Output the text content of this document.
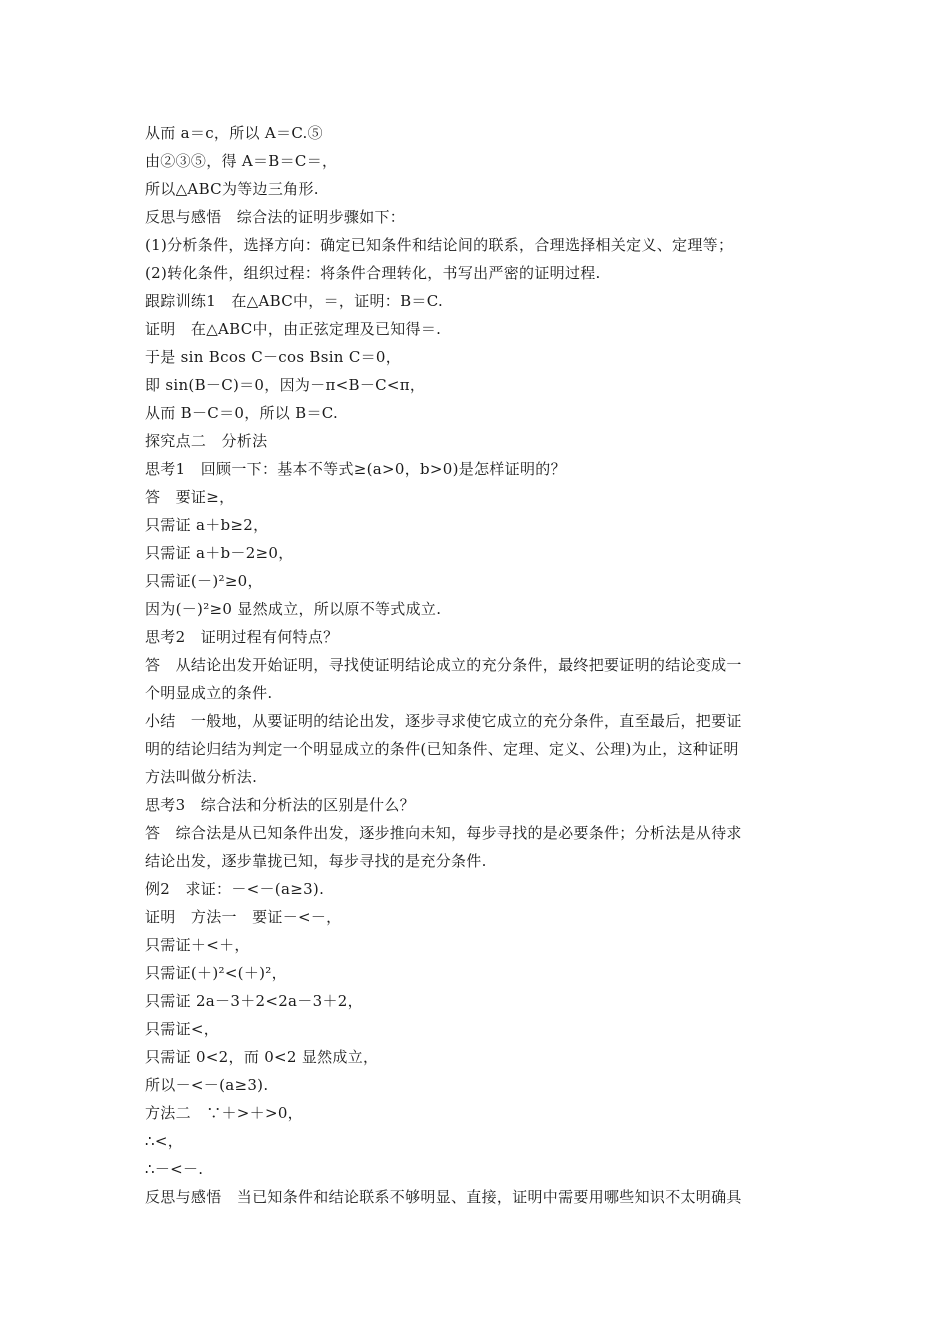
从而 a＝c，所以 A＝C.⑤
由②③⑤，得 A＝B＝C＝，
所以△ABC为等边三角形.
反思与感悟　综合法的证明步骤如下：
(1)分析条件，选择方向：确定已知条件和结论间的联系，合理选择相关定义、定理等；
(2)转化条件，组织过程：将条件合理转化，书写出严密的证明过程.
跟踪训练1　在△ABC中，＝，证明：B＝C.
证明　在△ABC中，由正弦定理及已知得＝.
于是 sin Bcos C－cos Bsin C＝0，
即 sin(B－C)＝0，因为－π<B－C<π，
从而 B－C＝0，所以 B＝C.
探究点二　分析法
思考1　回顾一下：基本不等式≥(a>0，b>0)是怎样证明的？
答　要证≥，
只需证 a＋b≥2，
只需证 a＋b－2≥0，
只需证(－)²≥0，
因为(－)²≥0 显然成立，所以原不等式成立.
思考2　证明过程有何特点？
答　从结论出发开始证明，寻找使证明结论成立的充分条件，最终把要证明的结论变成一
个明显成立的条件.
小结　一般地，从要证明的结论出发，逐步寻求使它成立的充分条件，直至最后，把要证
明的结论归结为判定一个明显成立的条件(已知条件、定理、定义、公理)为止，这种证明
方法叫做分析法.
思考3　综合法和分析法的区别是什么？
答　综合法是从已知条件出发，逐步推向未知，每步寻找的是必要条件；分析法是从待求
结论出发，逐步靠拢已知，每步寻找的是充分条件.
例2　求证：－<－(a≥3).
证明　方法一　要证－<－，
只需证＋<＋，
只需证(＋)²<(＋)²，
只需证 2a－3＋2<2a－3＋2，
只需证<，
只需证 0<2，而 0<2 显然成立，
所以－<－(a≥3).
方法二　∵＋>＋>0，
∴<，
∴－<－.
反思与感悟　当已知条件和结论联系不够明显、直接，证明中需要用哪些知识不太明确具
